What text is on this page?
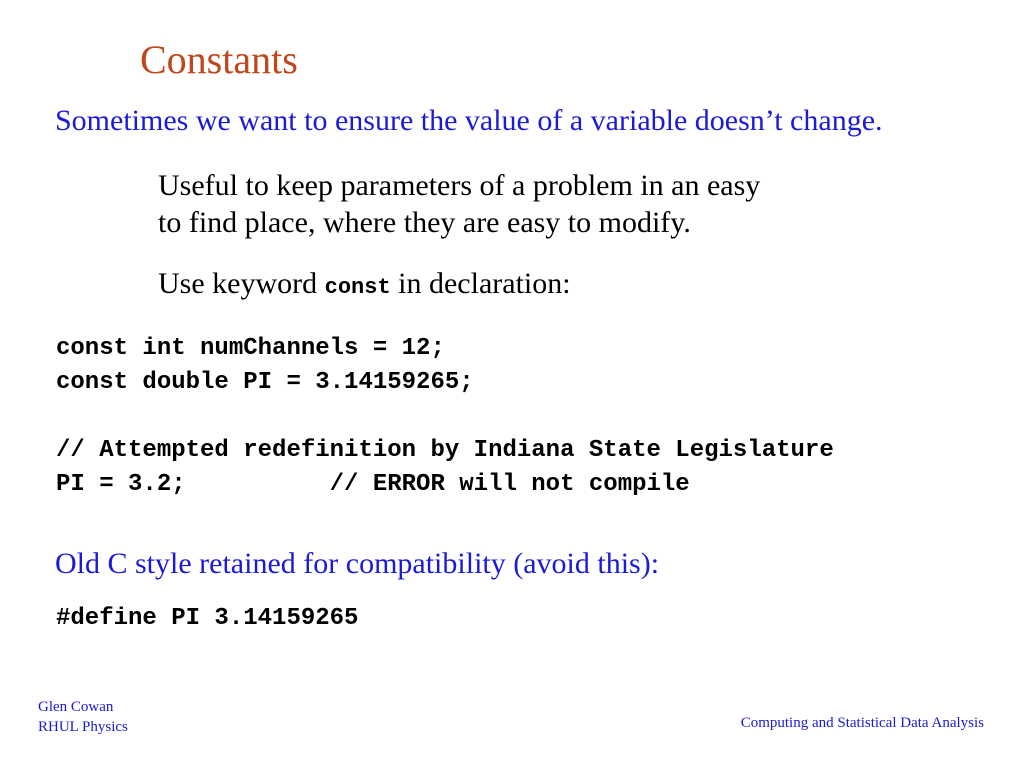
Constants
Sometimes we want to ensure the value of a variable doesn’t change.
Useful to keep parameters of a problem in an easy
to find place, where they are easy to modify.
Use keyword const in declaration:
const int numChannels = 12;
const double PI = 3.14159265;
// Attempted redefinition by Indiana State Legislature
PI = 3.2;          // ERROR will not compile
Old C style retained for compatibility (avoid this):
#define PI 3.14159265
Glen Cowan
RHUL Physics	Computing and Statistical Data Analysis
